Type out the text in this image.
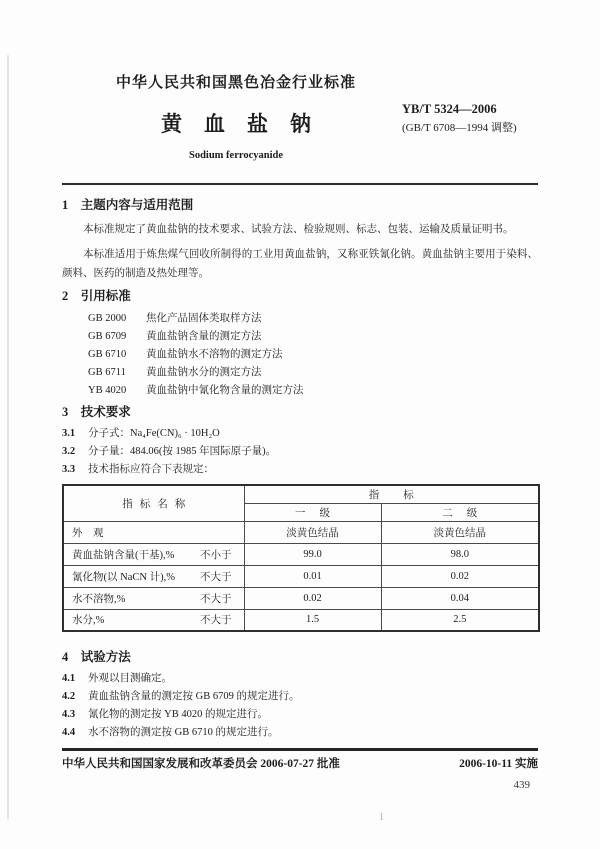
中华人民共和国黑色冶金行业标准
黄血盐钠
Sodium ferrocyanide
YB/T 5324—2006
(GB/T 6708—1994 调整)
1　主题内容与适用范围
本标准规定了黄血盐钠的技术要求、试验方法、检验规则、标志、包装、运输及质量证明书。
本标准适用于炼焦煤气回收所制得的工业用黄血盐钠，又称亚铁氰化钠。黄血盐钠主要用于染料、颜料、医药的制造及热处理等。
2　引用标准
GB 2000 焦化产品固体类取样方法
GB 6709 黄血盐钠含量的测定方法
GB 6710 黄血盐钠水不溶物的测定方法
GB 6711 黄血盐钠水分的测定方法
YB 4020 黄血盐钠中氰化物含量的测定方法
3　技术要求
3.1 分子式：Na₄Fe(CN)₆ · 10H₂O
3.2 分子量：484.06(按 1985 年国际原子量)。
3.3 技术指标应符合下表规定：
指标名称	指标	
	一级	二级

外　观	淡黄色结晶	淡黄色结晶

黄血盐钠含量(干基),% 不小于	99.0	98.0

氰化物(以 NaCN 计),% 不大于	0.01	0.02

水不溶物,% 不大于	0.02	0.04

水分,% 不大于	1.5	2.5
4　试验方法
4.1 外观以目测确定。
4.2 黄血盐钠含量的测定按 GB 6709 的规定进行。
4.3 氰化物的测定按 YB 4020 的规定进行。
4.4 水不溶物的测定按 GB 6710 的规定进行。
中华人民共和国国家发展和改革委员会 2006-07-27 批准	2006-10-11 实施
439
1
